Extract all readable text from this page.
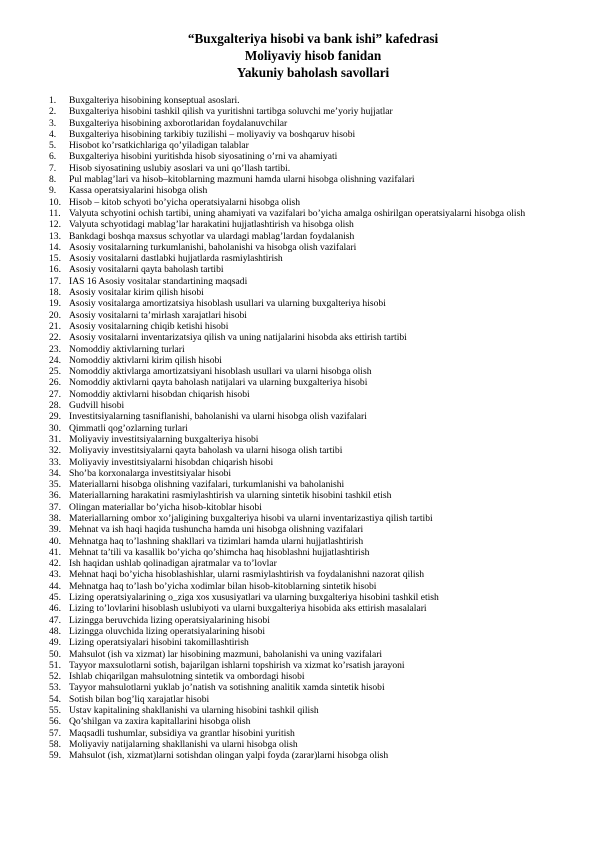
“Buxgalteriya hisobi va bank ishi” kafedrasi
Moliyaviy hisob fanidan
Yakuniy baholash savollari
1.	Buxgalteriya hisobining konseptual asoslari.
2.	Buxgalteriya hisobini tashkil qilish va yuritishni tartibga soluvchi me’yoriy hujjatlar
3.	Buxgalteriya hisobining axborotlaridan foydalanuvchilar
4.	Buxgalteriya hisobining tarkibiy tuzilishi – moliyaviy va boshqaruv hisobi
5.	Hisobot ko’rsatkichlariga qo’yiladigan talablar
6.	Buxgalteriya hisobini yuritishda hisob siyosatining o’rni va ahamiyati
7.	Hisob siyosatining uslubiy asoslari va uni qo’llash tartibi.
8.	Pul mablag’lari va hisob–kitoblarning mazmuni hamda ularni hisobga olishning vazifalari
9.	Kassa operatsiyalarini hisobga olish
10. Hisob – kitob schyoti bo’yicha operatsiyalarni hisobga olish
11. Valyuta schyotini ochish tartibi, uning ahamiyati va vazifalari bo’yicha amalga oshirilgan operatsiyalarni hisobga olish
12. Valyuta schyotidagi mablag’lar harakatini hujjatlashtirish va hisobga olish
13. Bankdagi boshqa maxsus schyotlar va ulardagi mablag’lardan foydalanish
14. Asosiy vositalarning turkumlanishi, baholanishi va hisobga olish vazifalari
15. Asosiy vositalarni dastlabki hujjatlarda rasmiylashtirish
16. Asosiy vositalarni qayta baholash tartibi
17. IAS 16 Asosiy vositalar standartining maqsadi
18. Asosiy vositalar kirim qilish hisobi
19. Asosiy vositalarga amortizatsiya hisoblash usullari va ularning buxgalteriya hisobi
20. Asosiy vositalarni ta’mirlash xarajatlari hisobi
21. Asosiy vositalarning chiqib ketishi hisobi
22. Asosiy vositalarni inventarizatsiya qilish va uning natijalarini hisobda aks ettirish tartibi
23. Nomoddiy aktivlarning turlari
24. Nomoddiy aktivlarni kirim qilish hisobi
25. Nomoddiy aktivlarga amortizatsiyani hisoblash usullari va ularni hisobga olish
26. Nomoddiy aktivlarni qayta baholash natijalari va ularning buxgalteriya hisobi
27. Nomoddiy aktivlarni hisobdan chiqarish hisobi
28. Gudvill hisobi
29. Investitsiyalarning tasniflanishi, baholanishi va ularni hisobga olish vazifalari
30. Qimmatli qog’ozlarning turlari
31. Moliyaviy investitsiyalarning buxgalteriya hisobi
32. Moliyaviy investitsiyalarni qayta baholash va ularni hisoga olish tartibi
33. Moliyaviy investitsiyalarni hisobdan chiqarish hisobi
34. Sho’ba korxonalarga investitsiyalar hisobi
35. Materiallarni hisobga olishning vazifalari, turkumlanishi va baholanishi
36. Materiallarning harakatini rasmiylashtirish va ularning sintetik hisobini tashkil etish
37. Olingan materiallar bo’yicha hisob-kitoblar hisobi
38. Materiallarning ombor xo’jaligining buxgalteriya hisobi va ularni inventarizastiya qilish tartibi
39. Mehnat va ish haqi haqida tushuncha hamda uni hisobga olishning vazifalari
40. Mehnatga haq to’lashning shakllari va tizimlari hamda ularni hujjatlashtirish
41. Mehnat ta’tili va kasallik bo’yicha qo’shimcha haq hisoblashni hujjatlashtirish
42. Ish haqidan ushlab qolinadigan ajratmalar va to’lovlar
43. Mehnat haqi bo’yicha hisoblashishlar, ularni rasmiylashtirish va foydalanishni nazorat qilish
44. Mehnatga haq to’lash bo’yicha xodimlar bilan hisob-kitoblarning sintetik hisobi
45. Lizing operatsiyalarining o_ziga xos xususiyatlari va ularning buxgalteriya hisobini tashkil etish
46. Lizing to’lovlarini hisoblash uslubiyoti va ularni buxgalteriya hisobida aks ettirish masalalari
47. Lizingga beruvchida lizing operatsiyalarining hisobi
48. Lizingga oluvchida lizing operatsiyalarining hisobi
49. Lizing operatsiyalari hisobini takomillashtirish
50. Mahsulot (ish va xizmat) lar hisobining mazmuni, baholanishi va uning vazifalari
51. Tayyor maxsulotlarni sotish, bajarilgan ishlarni topshirish va xizmat ko’rsatish jarayoni
52. Ishlab chiqarilgan mahsulotning sintetik va ombordagi hisobi
53. Tayyor mahsulotlarni yuklab jo’natish va sotishning analitik xamda sintetik hisobi
54. Sotish bilan bog’liq xarajatlar hisobi
55. Ustav kapitalining shakllanishi va ularning hisobini tashkil qilish
56. Qo’shilgan va zaxira kapitallarini hisobga olish
57. Maqsadli tushumlar, subsidiya va grantlar hisobini yuritish
58. Moliyaviy natijalarning shakllanishi va ularni hisobga olish
59. Mahsulot (ish, xizmat)larni sotishdan olingan yalpi foyda (zarar)larni hisobga olish
